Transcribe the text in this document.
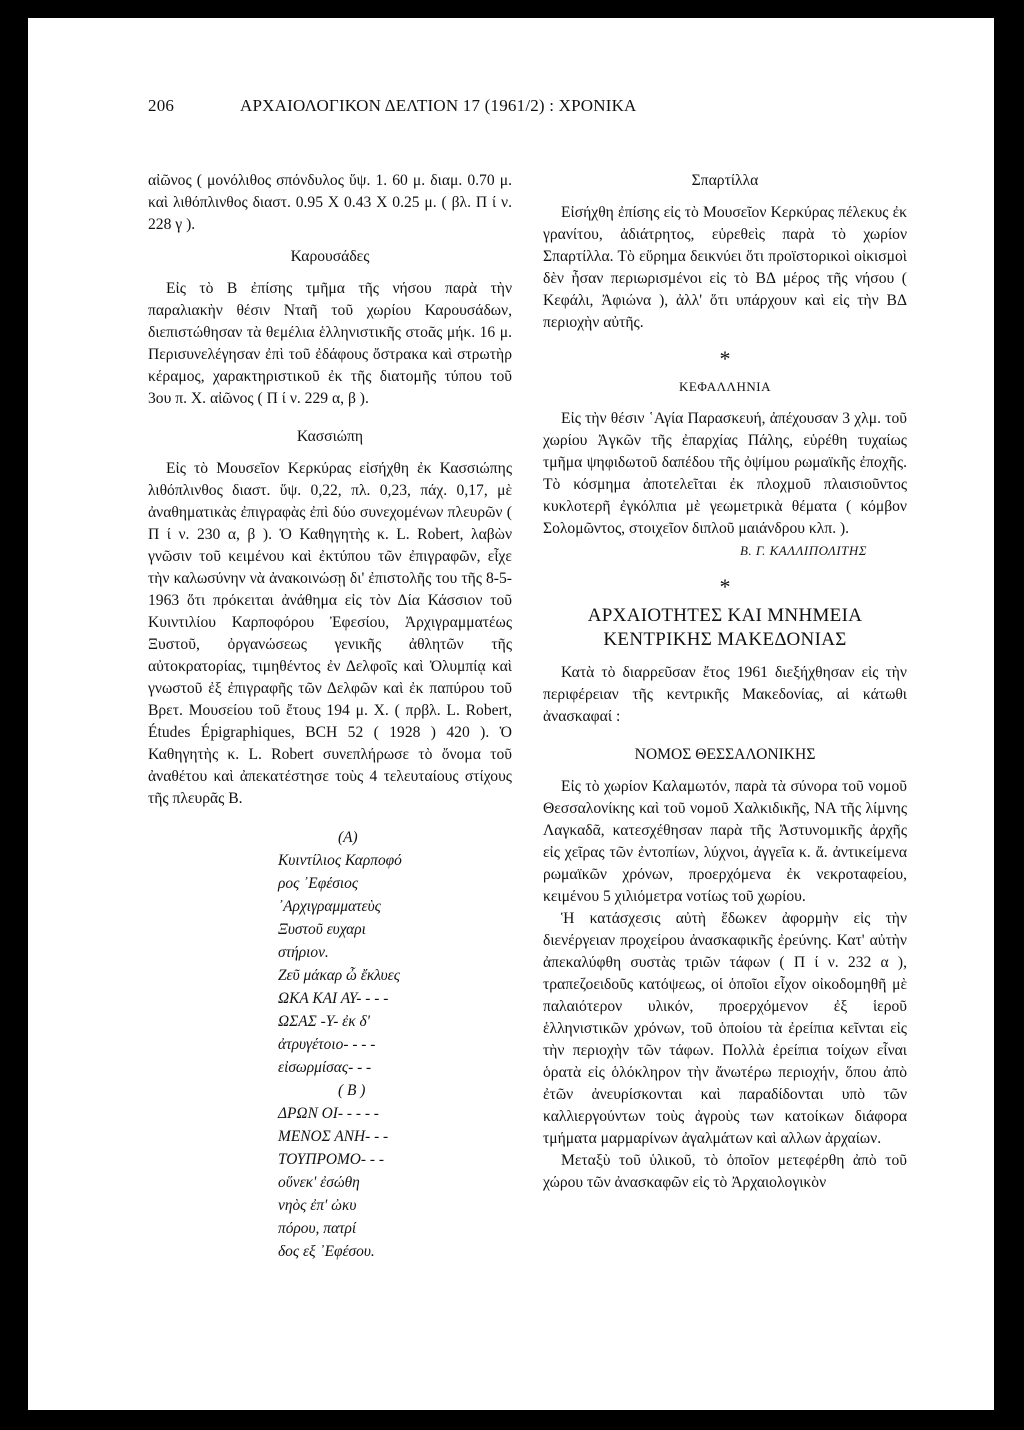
206	ΑΡΧΑΙΟΛΟΓΙΚΟΝ ΔΕΛΤΙΟΝ 17 (1961/2) : ΧΡΟΝΙΚΑ

αἰῶνος ( μονόλιθος σπόνδυλος ὕψ. 1. 60 μ. διαμ. 0.70 μ. καὶ λιθόπλινθος διαστ. 0.95 X 0.43 X 0.25 μ. ( βλ. Π ί ν. 228 γ ).

Καρουσάδες

Εἰς τὸ Β ἐπίσης τμῆμα τῆς νήσου παρὰ τὴν παραλιακὴν θέσιν Νταῆ τοῦ χωρίου Καρουσάδων, διεπιστώθησαν τὰ θεμέλια ἑλληνιστικῆς στοᾶς μήκ. 16 μ. Περισυνελέγησαν ἐπὶ τοῦ ἐδάφους ὄστρακα καὶ στρωτὴρ κέραμος, χαρακτηριστικοῦ ἐκ τῆς διατομῆς τύπου τοῦ 3ου π. Χ. αἰῶνος ( Π ί ν. 229 α, β ).

Κασσιώπη

Εἰς τὸ Μουσεῖον Κερκύρας εἰσήχθη ἐκ Κασσιώπης λιθόπλινθος διαστ. ὕψ. 0,22, πλ. 0,23, πάχ. 0,17, μὲ ἀναθηματικὰς ἐπιγραφὰς ἐπὶ δύο συνεχομένων πλευρῶν ( Π ί ν. 230 α, β ). Ὁ Καθηγητὴς κ. L. Robert, λαβὼν γνῶσιν τοῦ κειμένου καὶ ἐκτύπου τῶν ἐπιγραφῶν, εἶχε τὴν καλωσύνην νὰ ἀνακοινώσῃ δι' ἐπιστολῆς του τῆς 8-5-1963 ὅτι πρόκειται ἀνάθημα εἰς τὸν Δία Κάσσιον τοῦ Κυιντιλίου Καρποφόρου Ἐφεσίου, Ἀρχιγραμματέως Ξυστοῦ, ὀργανώσεως γενικῆς ἀθλητῶν τῆς αὐτοκρατορίας, τιμηθέντος ἐν Δελφοῖς καὶ Ὀλυμπίᾳ καὶ γνωστοῦ ἐξ ἐπιγραφῆς τῶν Δελφῶν καὶ ἐκ παπύρου τοῦ Βρετ. Μουσείου τοῦ ἔτους 194 μ. Χ. ( πρβλ. L. Robert, Études Épigraphiques, BCH 52 ( 1928 ) 420 ). Ὁ Καθηγητὴς κ. L. Robert συνεπλήρωσε τὸ ὄνομα τοῦ ἀναθέτου καὶ ἀπεκατέστησε τοὺς 4 τελευταίους στίχους τῆς πλευρᾶς Β.

(Α)
Κυιντίλιος Καρποφό
ρος ᾿Εφέσιος
᾿Αρχιγραμματεὺς
Ξυστοῦ ευχαρι
στήριον.
Ζεῦ μάκαρ ὦ ἔκλυες
ΩΚΑ ΚΑΙ ΑΥ- - - -
ΩΣΑΣ -Υ- ἐκ δ'
ἀτρυγέτοιο- - - -
εἰσωρμίσας- - -
( Β )
ΔΡΩΝ ΟΙ- - - - -
ΜΕΝΟΣ ΑΝΗ- - -
ΤΟΥΠΡΟΜΟ- - -
οὕνεκ' ἐσώθη
νηὸς ἐπ' ὠκυ
πόρου, πατρί
δος εξ ᾿Εφέσου.

Σπαρτίλλα

Εἰσήχθη ἐπίσης εἰς τὸ Μουσεῖον Κερκύρας πέλεκυς ἐκ γρανίτου, ἀδιάτρητος, εὑρεθεὶς παρὰ τὸ χωρίον Σπαρτίλλα. Τὸ εὕρημα δεικνύει ὅτι προϊστορικοὶ οἰκισμοὶ δὲν ἦσαν περιωρισμένοι εἰς τὸ ΒΔ μέρος τῆς νήσου ( Κεφάλι, Ἀφιώνα ), ἀλλ' ὅτι υπάρχουν καὶ εἰς τὴν ΒΔ περιοχὴν αὐτῆς.

*

ΚΕΦΑΛΛΗΝΙΑ

Εἰς τὴν θέσιν ῾Αγία Παρασκευή, ἀπέχουσαν 3 χλμ. τοῦ χωρίου Ἀγκῶν τῆς ἐπαρχίας Πάλης, εὑρέθη τυχαίως τμῆμα ψηφιδωτοῦ δαπέδου τῆς ὀψίμου ρωμαϊκῆς ἐποχῆς. Τὸ κόσμημα ἀποτελεῖται ἐκ πλοχμοῦ πλαισιοῦντος κυκλοτερῆ ἐγκόλπια μὲ γεωμετρικὰ θέματα ( κόμβον Σολομῶντος, στοιχεῖον διπλοῦ μαιάνδρου κλπ. ).

Β. Γ. ΚΑΛΛΙΠΟΛΙΤΗΣ

*

ΑΡΧΑΙΟΤΗΤΕΣ ΚΑΙ ΜΝΗΜΕΙΑ

ΚΕΝΤΡΙΚΗΣ ΜΑΚΕΔΟΝΙΑΣ

Κατὰ τὸ διαρρεῦσαν ἔτος 1961 διεξήχθησαν εἰς τὴν περιφέρειαν τῆς κεντρικῆς Μακεδονίας, αἱ κάτωθι ἀνασκαφαί :

ΝΟΜΟΣ ΘΕΣΣΑΛΟΝΙΚΗΣ

Εἰς τὸ χωρίον Καλαμωτόν, παρὰ τὰ σύνορα τοῦ νομοῦ Θεσσαλονίκης καὶ τοῦ νομοῦ Χαλκιδικῆς, ΝΑ τῆς λίμνης Λαγκαδᾶ, κατεσχέθησαν παρὰ τῆς Ἀστυνομικῆς ἀρχῆς εἰς χεῖρας τῶν ἐντοπίων, λύχνοι, ἀγγεῖα κ. ἄ. ἀντικείμενα ρωμαϊκῶν χρόνων, προερχόμενα ἐκ νεκροταφείου, κειμένου 5 χιλιόμετρα νοτίως τοῦ χωρίου.

Ἡ κατάσχεσις αὐτὴ ἔδωκεν ἀφορμὴν εἰς τὴν διενέργειαν προχείρου ἀνασκαφικῆς ἐρεύνης. Κατ' αὐτὴν ἀπεκαλύφθη συστὰς τριῶν τάφων ( Π ί ν. 232 α ), τραπεζοειδοῦς κατόψεως, οἱ ὁποῖοι εἶχον οἰκοδομηθῆ μὲ παλαιότερον υλικόν, προερχόμενον ἐξ ἱεροῦ ἑλληνιστικῶν χρόνων, τοῦ ὁποίου τὰ ἐρείπια κεῖνται εἰς τὴν περιοχὴν τῶν τάφων. Πολλὰ ἐρείπια τοίχων εἶναι ὁρατὰ εἰς ὁλόκληρον τὴν ἄνωτέρω περιοχήν, ὅπου ἀπὸ ἐτῶν ἀνευρίσκονται καὶ παραδίδονται υπὸ τῶν καλλιεργούντων τοὺς ἀγροὺς των κατοίκων διάφορα τμήματα μαρμαρίνων ἀγαλμάτων καὶ αλλων ἀρχαίων.

Μεταξὺ τοῦ ὑλικοῦ, τὸ ὁποῖον μετεφέρθη ἀπὸ τοῦ χώρου τῶν ἀνασκαφῶν εἰς τὸ Ἀρχαιολογικὸν
